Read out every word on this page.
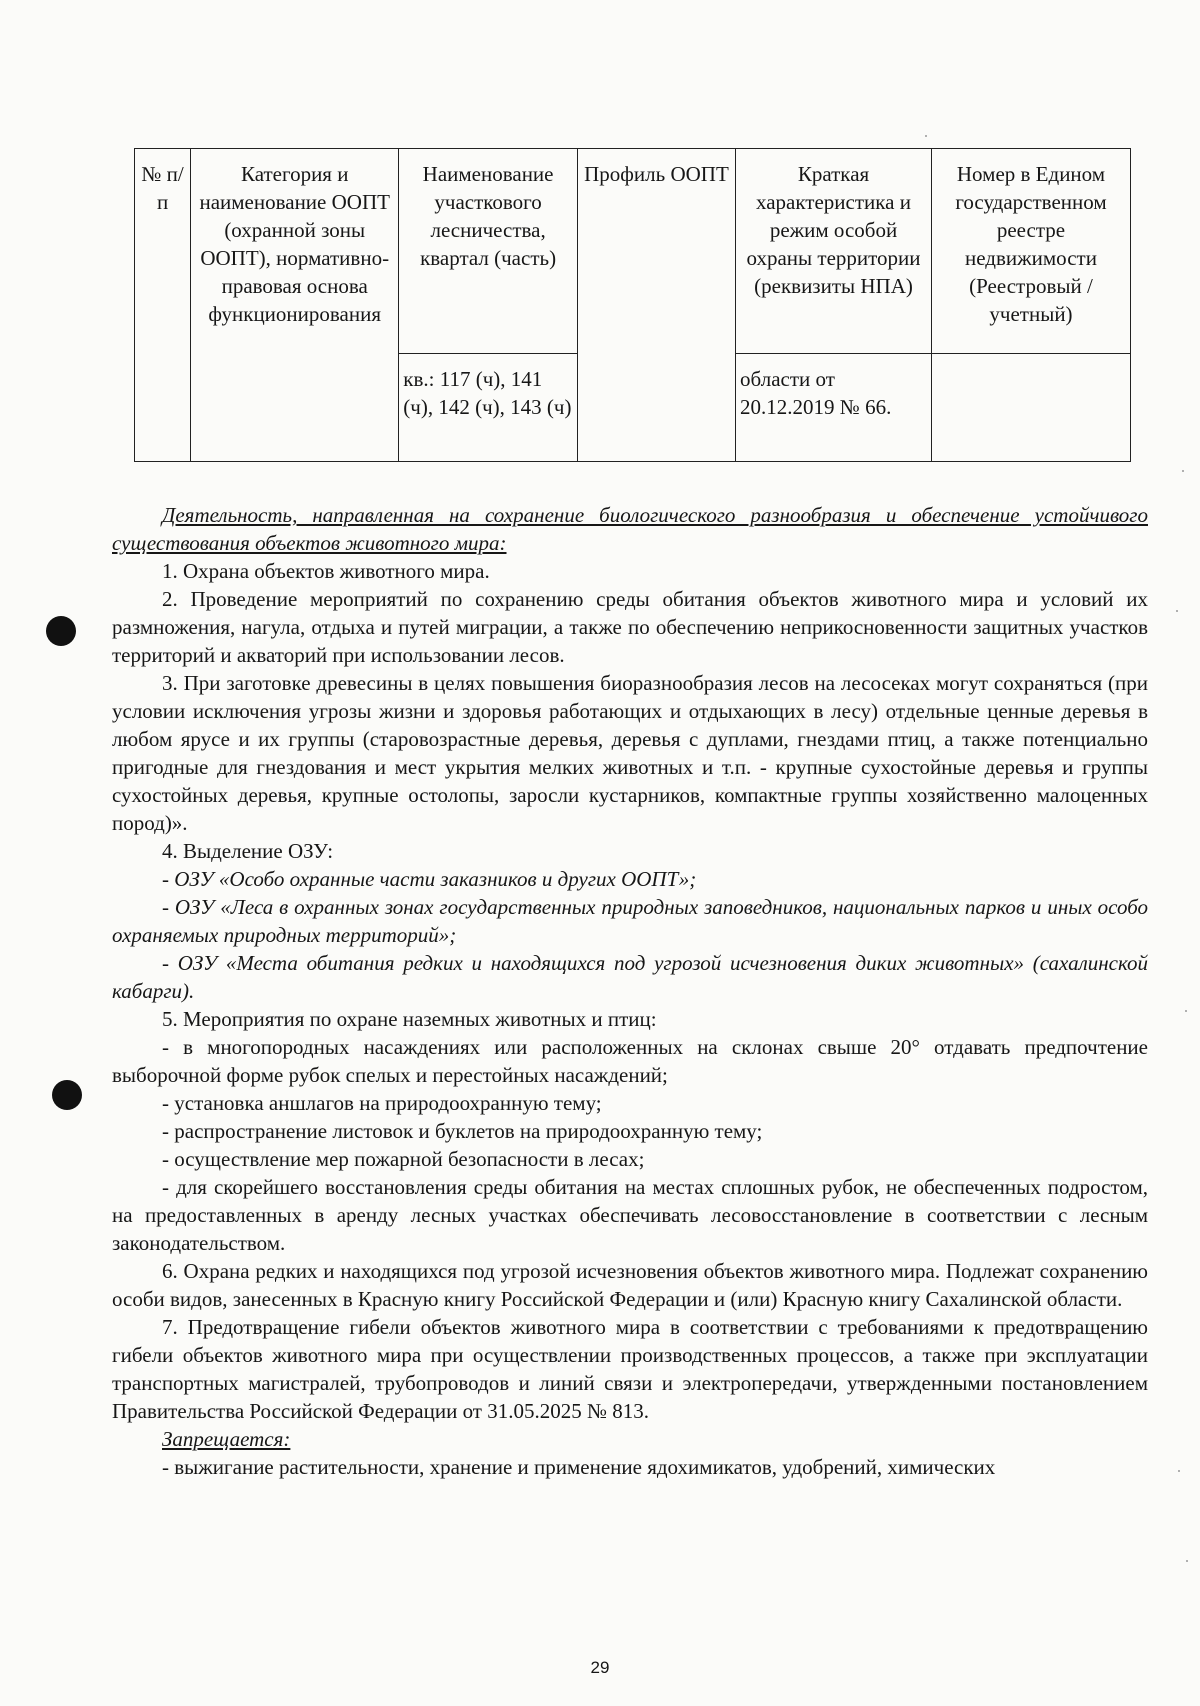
№ п/п	Категория и наименование ООПТ (охранной зоны ООПТ), нормативно-правовая основа функционирования	Наименование участкового лесничества, квартал (часть)	Профиль ООПТ	Краткая характеристика и режим особой охраны территории (реквизиты НПА)	Номер в Едином государственном реестре недвижимости (Реестровый / учетный)
		кв.: 117 (ч), 141 (ч), 142 (ч), 143 (ч)		области от 20.12.2019 № 66.	

Деятельность, направленная на сохранение биологического разнообразия и обеспечение устойчивого существования объектов животного мира:

1. Охрана объектов животного мира.

2. Проведение мероприятий по сохранению среды обитания объектов животного мира и условий их размножения, нагула, отдыха и путей миграции, а также по обеспечению неприкосновенности защитных участков территорий и акваторий при использовании лесов.

3. При заготовке древесины в целях повышения биоразнообразия лесов на лесосеках могут сохраняться (при условии исключения угрозы жизни и здоровья работающих и отдыхающих в лесу) отдельные ценные деревья в любом ярусе и их группы (старовозрастные деревья, деревья с дуплами, гнездами птиц, а также потенциально пригодные для гнездования и мест укрытия мелких животных и т.п. - крупные сухостойные деревья и группы сухостойных деревья, крупные остолопы, заросли кустарников, компактные группы хозяйственно малоценных пород)».

4. Выделение ОЗУ:

- ОЗУ «Особо охранные части заказников и других ООПТ»;

- ОЗУ «Леса в охранных зонах государственных природных заповедников, национальных парков и иных особо охраняемых природных территорий»;

- ОЗУ «Места обитания редких и находящихся под угрозой исчезновения диких животных» (сахалинской кабарги).

5. Мероприятия по охране наземных животных и птиц:

- в многопородных насаждениях или расположенных на склонах свыше 20° отдавать предпочтение выборочной форме рубок спелых и перестойных насаждений;

- установка аншлагов на природоохранную тему;

- распространение листовок и буклетов на природоохранную тему;

- осуществление мер пожарной безопасности в лесах;

- для скорейшего восстановления среды обитания на местах сплошных рубок, не обеспеченных подростом, на предоставленных в аренду лесных участках обеспечивать лесовосстановление в соответствии с лесным законодательством.

6. Охрана редких и находящихся под угрозой исчезновения объектов животного мира. Подлежат сохранению особи видов, занесенных в Красную книгу Российской Федерации и (или) Красную книгу Сахалинской области.

7. Предотвращение гибели объектов животного мира в соответствии с требованиями к предотвращению гибели объектов животного мира при осуществлении производственных процессов, а также при эксплуатации транспортных магистралей, трубопроводов и линий связи и электропередачи, утвержденными постановлением Правительства Российской Федерации от 31.05.2025 № 813.

Запрещается:

- выжигание растительности, хранение и применение ядохимикатов, удобрений, химических

29
